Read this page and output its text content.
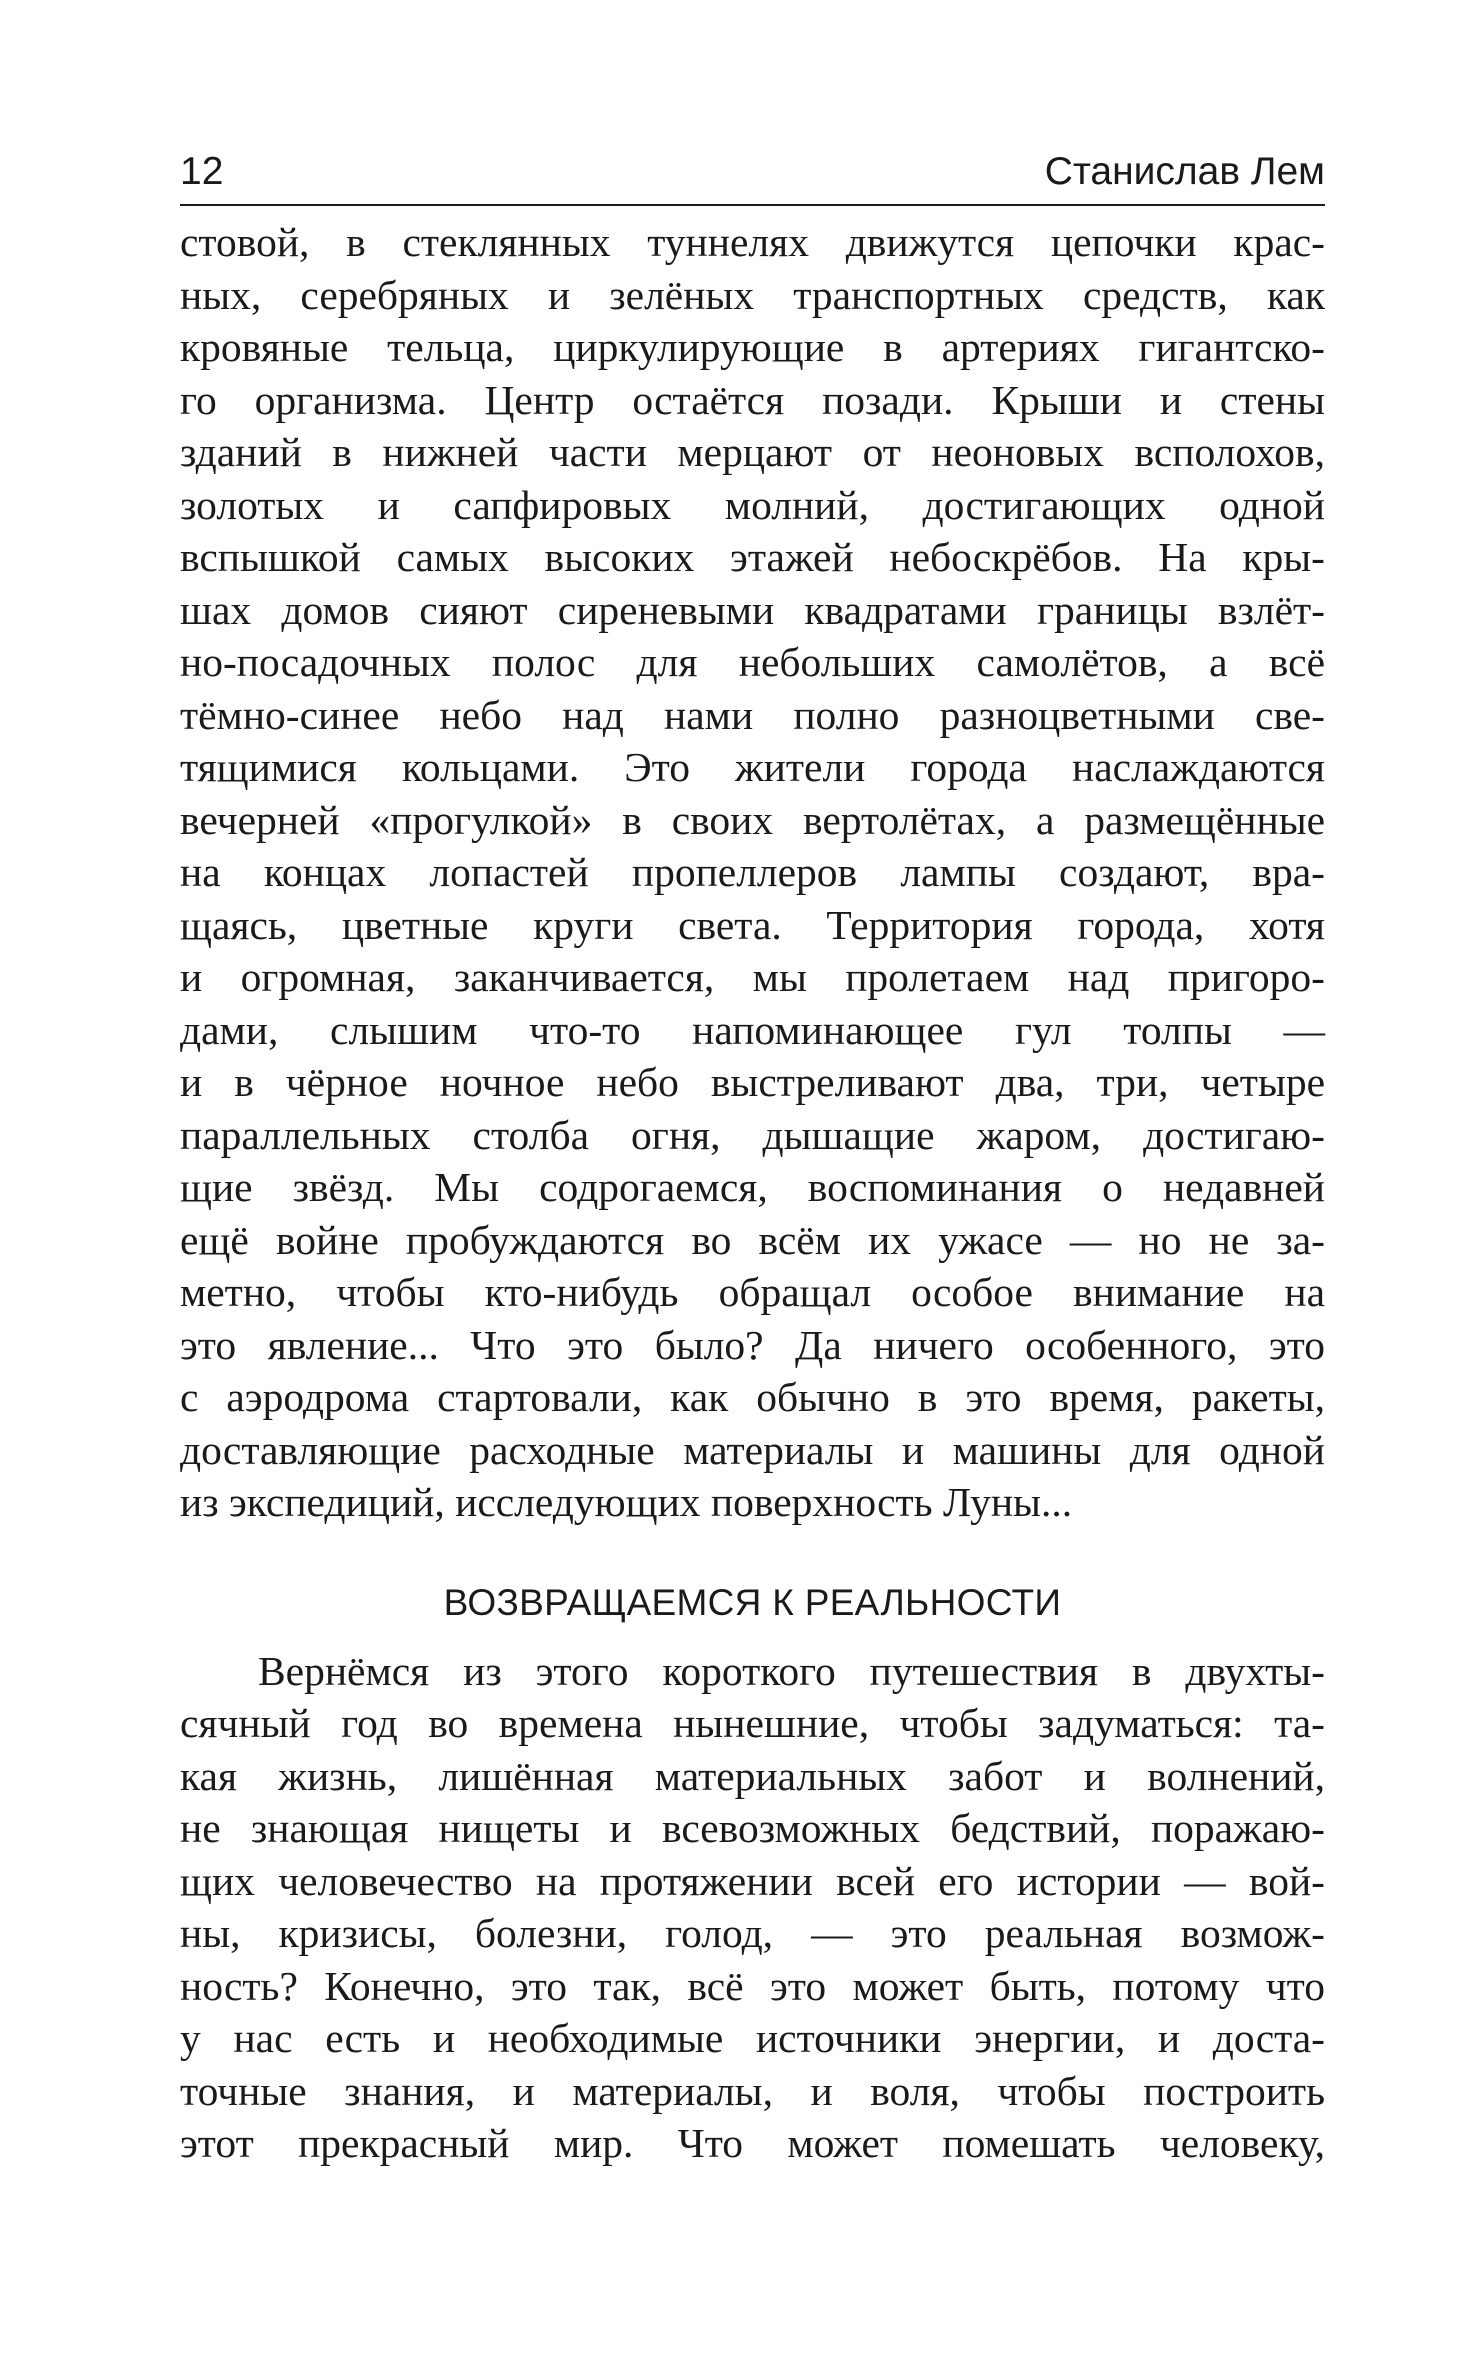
12	Станислав Лем
стовой, в стеклянных туннелях движутся цепочки крас-
ных, серебряных и зелёных транспортных средств, как
кровяные тельца, циркулирующие в артериях гигантско-
го организма. Центр остаётся позади. Крыши и стены
зданий в нижней части мерцают от неоновых всполохов,
золотых и сапфировых молний, достигающих одной
вспышкой самых высоких этажей небоскрёбов. На кры-
шах домов сияют сиреневыми квадратами границы взлёт-
но-посадочных полос для небольших самолётов, а всё
тёмно-синее небо над нами полно разноцветными све-
тящимися кольцами. Это жители города наслаждаются
вечерней «прогулкой» в своих вертолётах, а размещённые
на концах лопастей пропеллеров лампы создают, вра-
щаясь, цветные круги света. Территория города, хотя
и огромная, заканчивается, мы пролетаем над пригоро-
дами, слышим что-то напоминающее гул толпы —
и в чёрное ночное небо выстреливают два, три, четыре
параллельных столба огня, дышащие жаром, достигаю-
щие звёзд. Мы содрогаемся, воспоминания о недавней
ещё войне пробуждаются во всём их ужасе — но не за-
метно, чтобы кто-нибудь обращал особое внимание на
это явление... Что это было? Да ничего особенного, это
с аэродрома стартовали, как обычно в это время, ракеты,
доставляющие расходные материалы и машины для одной
из экспедиций, исследующих поверхность Луны...
ВОЗВРАЩАЕМСЯ К РЕАЛЬНОСТИ
Вернёмся из этого короткого путешествия в двухты-
сячный год во времена нынешние, чтобы задуматься: та-
кая жизнь, лишённая материальных забот и волнений,
не знающая нищеты и всевозможных бедствий, поражаю-
щих человечество на протяжении всей его истории — вой-
ны, кризисы, болезни, голод, — это реальная возмож-
ность? Конечно, это так, всё это может быть, потому что
у нас есть и необходимые источники энергии, и доста-
точные знания, и материалы, и воля, чтобы построить
этот прекрасный мир. Что может помешать человеку,
